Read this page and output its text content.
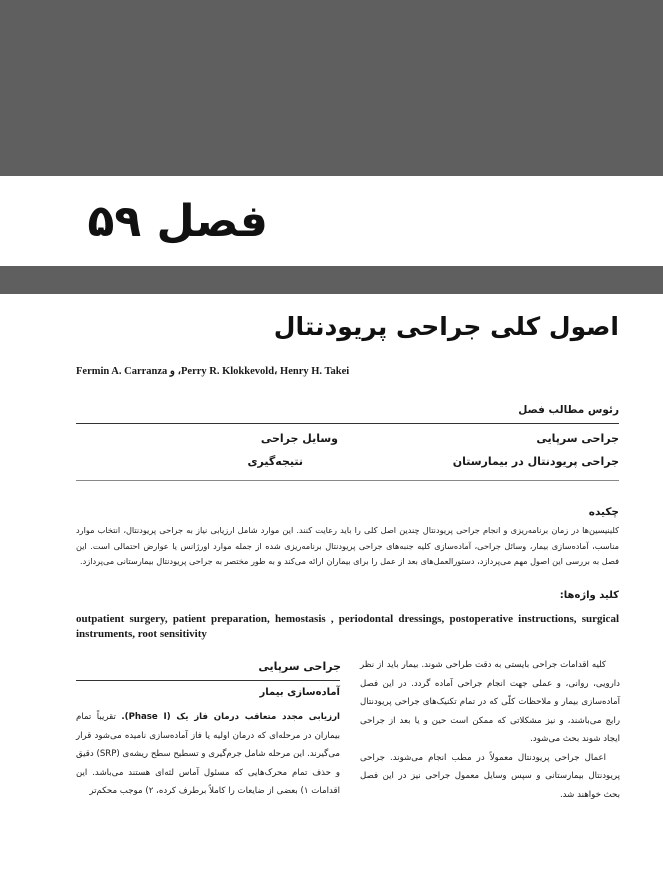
فصل ۵۹
اصول کلی جراحی پریودنتال
Perry R. Klokkevold، Henry H. Takei، و Fermin A. Carranza
رئوس مطالب فصل
جراحی سرپایی
جراحی پریودنتال در بیمارستان
وسایل جراحی
نتیجه‌گیری
چکیده
کلینیسین‌ها در زمان برنامه‌ریزی و انجام جراحی پریودنتال چندین اصل کلی را باید رعایت کنند. این موارد شامل ارزیابی نیاز به جراحی پریودنتال، انتخاب موارد مناسب، آماده‌سازی بیمار، وسائل جراحی، آماده‌سازی کلیه جنبه‌های جراحی پریودنتال برنامه‌ریزی شده از جمله موارد اورژانس یا عوارض احتمالی است. این فصل به بررسی این اصول مهم می‌پردازد، دستورالعمل‌های بعد از عمل را برای بیماران ارائه می‌کند و به طور مختصر به جراحی پریودنتال بیمارستانی می‌پردازد.
کلید واژه‌ها:
outpatient surgery, patient preparation, hemostasis , periodontal dressings, postoperative instructions, surgical instruments, root sensitivity
جراحی سرپایی
آماده‌سازی بیمار
ارزیابی مجدد متعاقب درمان فاز یک (Phase I). تقریباً تمام بیماران در مرحله‌ای که درمان اولیه یا فاز آماده‌سازی نامیده می‌شود قرار می‌گیرند. این مرحله شامل جرم‌گیری و تسطیح سطح ریشه‌ی (SRP) دقیق و حذف تمام محرک‌هایی که مسئول آماس لثه‌ای هستند می‌باشد. این اقدامات ۱) بعضی از ضایعات را کاملاً برطرف کرده، ۲) موجب محکم‌تر

کلیه اقدامات جراحی بایستی به دقت طراحی شوند. بیمار باید از نظر دارویی، روانی، و عملی جهت انجام جراحی آماده گردد. در این فصل آماده‌سازی بیمار و ملاحظات کلّی که در تمام تکنیک‌های جراحی پریودنتال رایج می‌باشند، و نیز مشکلاتی که ممکن است حین و یا بعد از جراحی ایجاد شوند بحث می‌شود.

اعمال جراحی پریودنتال معمولاً در مطب انجام می‌شوند. جراحی پریودنتال بیمارستانی و سپس وسایل معمول جراحی نیز در این فصل بحث خواهند شد.
